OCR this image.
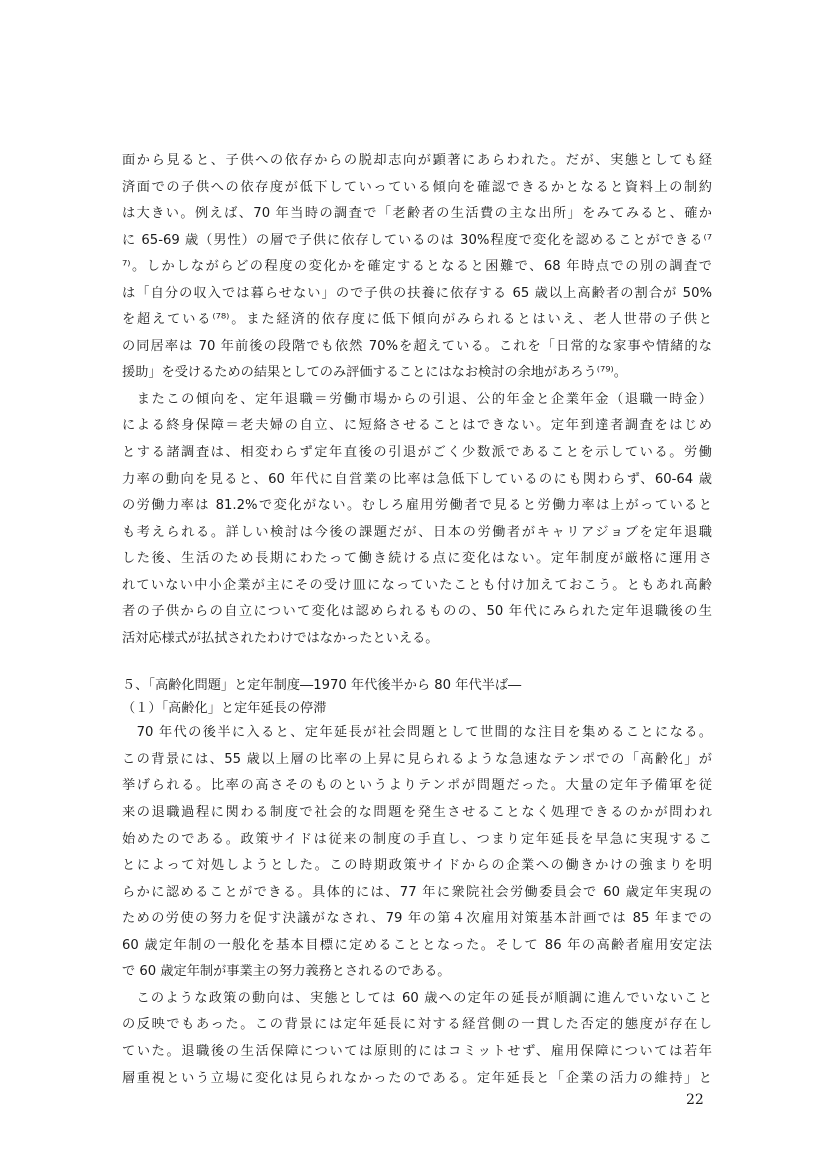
面から見ると、子供への依存からの脱却志向が顕著にあらわれた。だが、実態としても経
済面での子供への依存度が低下していっている傾向を確認できるかとなると資料上の制約
は大きい。例えば、70 年当時の調査で「老齢者の生活費の主な出所」をみてみると、確か
に 65-69 歳（男性）の層で子供に依存しているのは 30%程度で変化を認めることができる⁽⁷
⁷⁾。しかしながらどの程度の変化かを確定するとなると困難で、68 年時点での別の調査で
は「自分の収入では暮らせない」ので子供の扶養に依存する 65 歳以上高齢者の割合が 50%
を超えている⁽⁷⁸⁾。また経済的依存度に低下傾向がみられるとはいえ、老人世帯の子供と
の同居率は 70 年前後の段階でも依然 70%を超えている。これを「日常的な家事や情緒的な
援助」を受けるための結果としてのみ評価することにはなお検討の余地があろう⁽⁷⁹⁾。
　またこの傾向を、定年退職＝労働市場からの引退、公的年金と企業年金（退職一時金）
による終身保障＝老夫婦の自立、に短絡させることはできない。定年到達者調査をはじめ
とする諸調査は、相変わらず定年直後の引退がごく少数派であることを示している。労働
力率の動向を見ると、60 年代に自営業の比率は急低下しているのにも関わらず、60-64 歳
の労働力率は 81.2%で変化がない。むしろ雇用労働者で見ると労働力率は上がっていると
も考えられる。詳しい検討は今後の課題だが、日本の労働者がキャリアジョブを定年退職
した後、生活のため長期にわたって働き続ける点に変化はない。定年制度が厳格に運用さ
れていない中小企業が主にその受け皿になっていたことも付け加えておこう。ともあれ高齢
者の子供からの自立について変化は認められるものの、50 年代にみられた定年退職後の生
活対応様式が払拭されたわけではなかったといえる。
５、「高齢化問題」と定年制度―1970 年代後半から 80 年代半ば―
（１）「高齢化」と定年延長の停滞
　70 年代の後半に入ると、定年延長が社会問題として世間的な注目を集めることになる。
この背景には、55 歳以上層の比率の上昇に見られるような急速なテンポでの「高齢化」が
挙げられる。比率の高さそのものというよりテンポが問題だった。大量の定年予備軍を従
来の退職過程に関わる制度で社会的な問題を発生させることなく処理できるのかが問われ
始めたのである。政策サイドは従来の制度の手直し、つまり定年延長を早急に実現するこ
とによって対処しようとした。この時期政策サイドからの企業への働きかけの強まりを明
らかに認めることができる。具体的には、77 年に衆院社会労働委員会で 60 歳定年実現の
ための労使の努力を促す決議がなされ、79 年の第４次雇用対策基本計画では 85 年までの
60 歳定年制の一般化を基本目標に定めることとなった。そして 86 年の高齢者雇用安定法
で 60 歳定年制が事業主の努力義務とされるのである。
　このような政策の動向は、実態としては 60 歳への定年の延長が順調に進んでいないこと
の反映でもあった。この背景には定年延長に対する経営側の一貫した否定的態度が存在し
ていた。退職後の生活保障については原則的にはコミットせず、雇用保障については若年
層重視という立場に変化は見られなかったのである。定年延長と「企業の活力の維持」と
22
